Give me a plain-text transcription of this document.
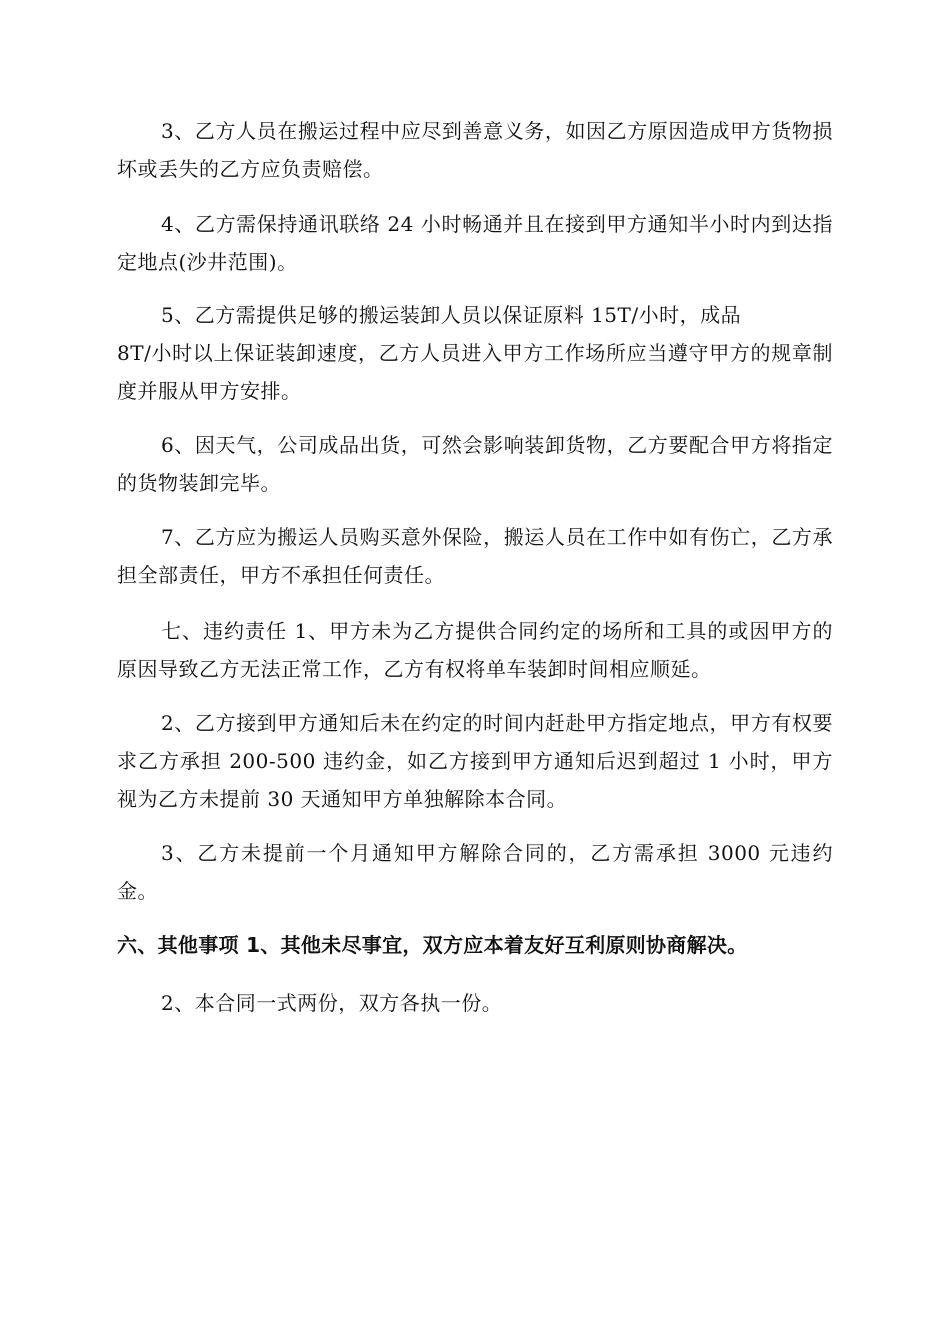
3、乙方人员在搬运过程中应尽到善意义务，如因乙方原因造成甲方货物损坏或丢失的乙方应负责赔偿。

4、乙方需保持通讯联络 24 小时畅通并且在接到甲方通知半小时内到达指定地点(沙井范围)。

5、乙方需提供足够的搬运装卸人员以保证原料 15T/小时，成品
8T/小时以上保证装卸速度，乙方人员进入甲方工作场所应当遵守甲方的规章制度并服从甲方安排。

6、因天气，公司成品出货，可然会影响装卸货物，乙方要配合甲方将指定的货物装卸完毕。

7、乙方应为搬运人员购买意外保险，搬运人员在工作中如有伤亡，乙方承担全部责任，甲方不承担任何责任。

七、违约责任 1、甲方未为乙方提供合同约定的场所和工具的或因甲方的原因导致乙方无法正常工作，乙方有权将单车装卸时间相应顺延。

2、乙方接到甲方通知后未在约定的时间内赶赴甲方指定地点，甲方有权要求乙方承担 200-500 违约金，如乙方接到甲方通知后迟到超过 1 小时，甲方视为乙方未提前 30 天通知甲方单独解除本合同。

3、乙方未提前一个月通知甲方解除合同的，乙方需承担 3000 元违约金。

六、其他事项 1、其他未尽事宜，双方应本着友好互利原则协商解决。

2、本合同一式两份，双方各执一份。
